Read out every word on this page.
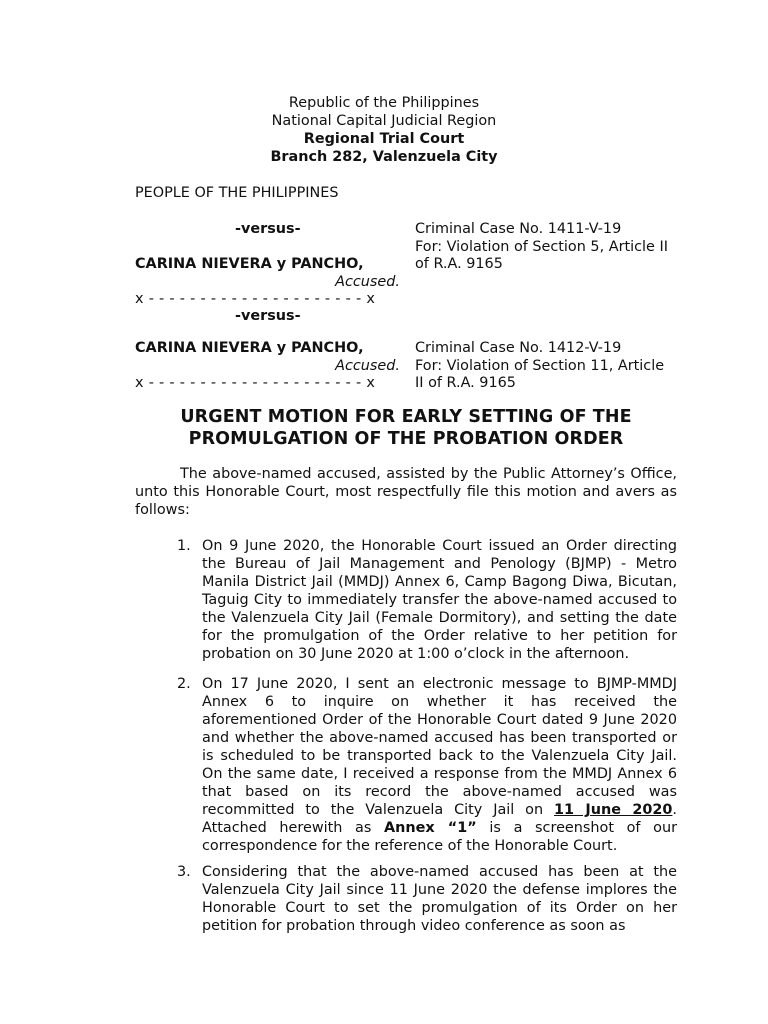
Republic of the Philippines
National Capital Judicial Region
Regional Trial Court
Branch 282, Valenzuela City
PEOPLE OF THE PHILIPPINES
-versus-
CARINA NIEVERA y PANCHO,
Accused.
x - - - - - - - - - - - - - - - - - - - - - x
Criminal Case No. 1411-V-19
For: Violation of Section 5, Article II
of R.A. 9165
-versus-
CARINA NIEVERA y PANCHO,
Accused.
x - - - - - - - - - - - - - - - - - - - - - x
Criminal Case No. 1412-V-19
For: Violation of Section 11, Article
II of R.A. 9165
URGENT MOTION FOR EARLY SETTING OF THE
PROMULGATION OF THE PROBATION ORDER
The above-named accused, assisted by the Public Attorney’s Office, unto this Honorable Court, most respectfully file this motion and avers as follows:
1. On 9 June 2020, the Honorable Court issued an Order directing the Bureau of Jail Management and Penology (BJMP) - Metro Manila District Jail (MMDJ) Annex 6, Camp Bagong Diwa, Bicutan, Taguig City to immediately transfer the above-named accused to the Valenzuela City Jail (Female Dormitory), and setting the date for the promulgation of the Order relative to her petition for probation on 30 June 2020 at 1:00 o’clock in the afternoon.
2. On 17 June 2020, I sent an electronic message to BJMP-MMDJ Annex 6 to inquire on whether it has received the aforementioned Order of the Honorable Court dated 9 June 2020 and whether the above-named accused has been transported or is scheduled to be transported back to the Valenzuela City Jail. On the same date, I received a response from the MMDJ Annex 6 that based on its record the above-named accused was recommitted to the Valenzuela City Jail on 11 June 2020. Attached herewith as Annex “1” is a screenshot of our correspondence for the reference of the Honorable Court.
3. Considering that the above-named accused has been at the Valenzuela City Jail since 11 June 2020 the defense implores the Honorable Court to set the promulgation of its Order on her petition for probation through video conference as soon as
